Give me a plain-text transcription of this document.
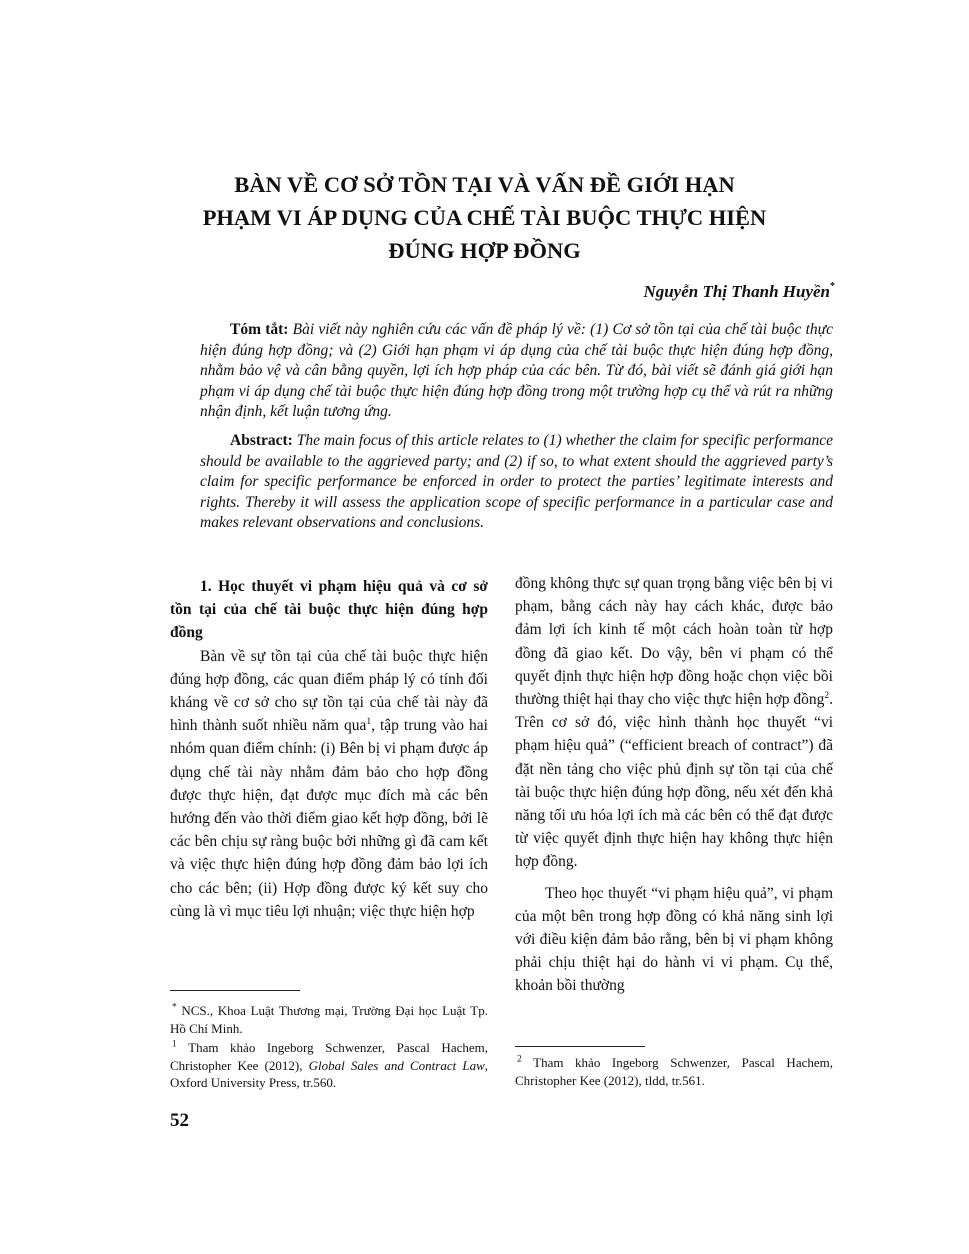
BÀN VỀ CƠ SỞ TỒN TẠI VÀ VẤN ĐỀ GIỚI HẠN
PHẠM VI ÁP DỤNG CỦA CHẾ TÀI BUỘC THỰC HIỆN
ĐÚNG HỢP ĐỒNG
Nguyễn Thị Thanh Huyền*
Tóm tắt: Bài viết này nghiên cứu các vấn đề pháp lý về: (1) Cơ sở tồn tại của chế tài buộc thực hiện đúng hợp đồng; và (2) Giới hạn phạm vi áp dụng của chế tài buộc thực hiện đúng hợp đồng, nhằm bảo vệ và cân bằng quyền, lợi ích hợp pháp của các bên. Từ đó, bài viết sẽ đánh giá giới hạn phạm vi áp dụng chế tài buộc thực hiện đúng hợp đồng trong một trường hợp cụ thể và rút ra những nhận định, kết luận tương ứng.
Abstract: The main focus of this article relates to (1) whether the claim for specific performance should be available to the aggrieved party; and (2) if so, to what extent should the aggrieved party’s claim for specific performance be enforced in order to protect the parties’ legitimate interests and rights. Thereby it will assess the application scope of specific performance in a particular case and makes relevant observations and conclusions.

1. Học thuyết vi phạm hiệu quả và cơ sở tồn tại của chế tài buộc thực hiện đúng hợp đồng

Bàn về sự tồn tại của chế tài buộc thực hiện đúng hợp đồng, các quan điểm pháp lý có tính đối kháng về cơ sở cho sự tồn tại của chế tài này đã hình thành suốt nhiều năm qua$^1$, tập trung vào hai nhóm quan điểm chính: (i) Bên bị vi phạm được áp dụng chế tài này nhằm đảm bảo cho hợp đồng được thực hiện, đạt được mục đích mà các bên hướng đến vào thời điểm giao kết hợp đồng, bởi lẽ các bên chịu sự ràng buộc bởi những gì đã cam kết và việc thực hiện đúng hợp đồng đảm bảo lợi ích cho các bên; (ii) Hợp đồng được ký kết suy cho cùng là vì mục tiêu lợi nhuận; việc thực hiện hợp

đồng không thực sự quan trọng bằng việc bên bị vi phạm, bằng cách này hay cách khác, được bảo đảm lợi ích kinh tế một cách hoàn toàn từ hợp đồng đã giao kết. Do vậy, bên vi phạm có thể quyết định thực hiện hợp đồng hoặc chọn việc bồi thường thiệt hại thay cho việc thực hiện hợp đồng$^2$. Trên cơ sở đó, việc hình thành học thuyết “vi phạm hiệu quả” (“efficient breach of contract”) đã đặt nền tảng cho việc phủ định sự tồn tại của chế tài buộc thực hiện đúng hợp đồng, nếu xét đến khả năng tối ưu hóa lợi ích mà các bên có thể đạt được từ việc quyết định thực hiện hay không thực hiện hợp đồng.

Theo học thuyết “vi phạm hiệu quả”, vi phạm của một bên trong hợp đồng có khả năng sinh lợi với điều kiện đảm bảo rằng, bên bị vi phạm không phải chịu thiệt hại do hành vi vi phạm. Cụ thể, khoản bồi thường

* NCS., Khoa Luật Thương mại, Trường Đại học Luật Tp. Hồ Chí Minh.

$^1$ Tham khảo Ingeborg Schwenzer, Pascal Hachem, Christopher Kee (2012), Global Sales and Contract Law, Oxford University Press, tr.560.

$^2$ Tham khảo Ingeborg Schwenzer, Pascal Hachem, Christopher Kee (2012), tldd, tr.561.

52
